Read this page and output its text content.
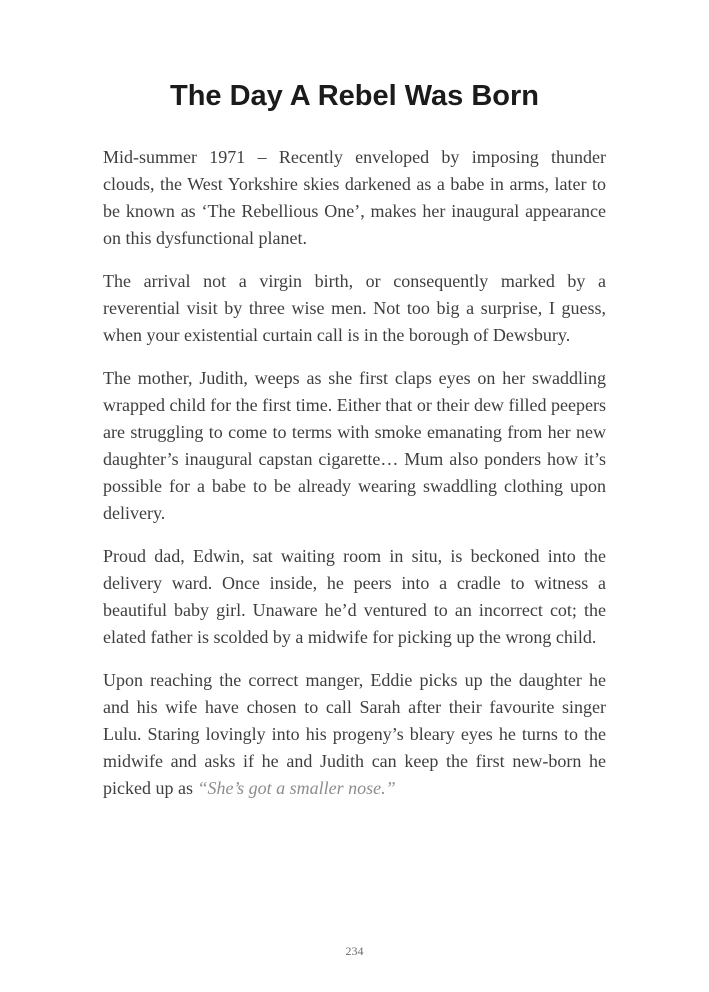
The Day A Rebel Was Born

Mid-summer 1971 – Recently enveloped by imposing thunder clouds, the West Yorkshire skies darkened as a babe in arms, later to be known as ‘The Rebellious One’, makes her inaugural appearance on this dysfunctional planet.

The arrival not a virgin birth, or consequently marked by a reverential visit by three wise men. Not too big a surprise, I guess, when your existential curtain call is in the borough of Dewsbury.

The mother, Judith, weeps as she first claps eyes on her swaddling wrapped child for the first time. Either that or their dew filled peepers are struggling to come to terms with smoke emanating from her new daughter’s inaugural capstan cigarette… Mum also ponders how it’s possible for a babe to be already wearing swaddling clothing upon delivery.

Proud dad, Edwin, sat waiting room in situ, is beckoned into the delivery ward. Once inside, he peers into a cradle to witness a beautiful baby girl. Unaware he’d ventured to an incorrect cot; the elated father is scolded by a midwife for picking up the wrong child.

Upon reaching the correct manger, Eddie picks up the daughter he and his wife have chosen to call Sarah after their favourite singer Lulu. Staring lovingly into his progeny’s bleary eyes he turns to the midwife and asks if he and Judith can keep the first new-born he picked up as “She’s got a smaller nose.”

234
